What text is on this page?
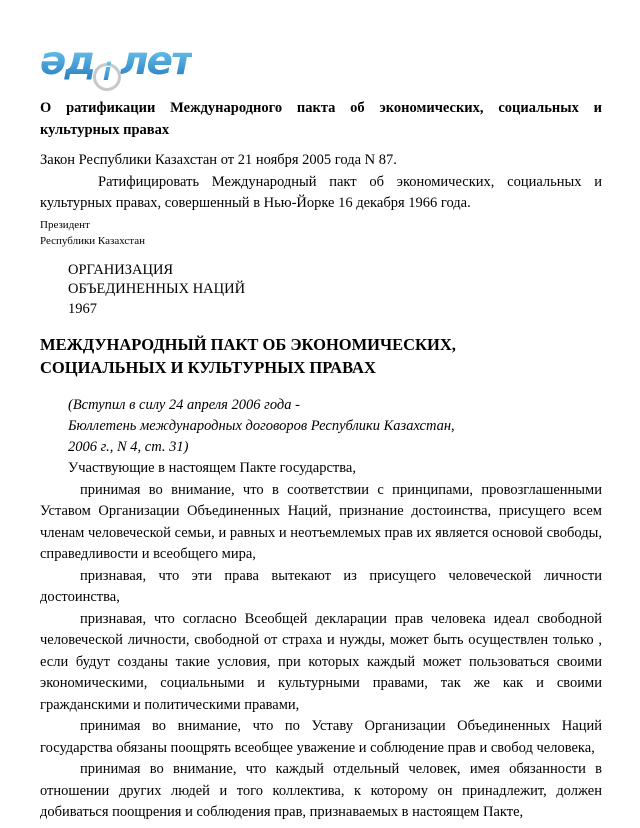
әд і лет
О ратификации Международного пакта об экономических, социальных и культурных правах

Закон Республики Казахстан от 21 ноября 2005 года N 87.

Ратифицировать Международный пакт об экономических, социальных и культурных правах, совершенный в Нью-Йорке 16 декабря 1966 года.

Президент

Республики Казахстан

ОРГАНИЗАЦИЯ
ОБЪЕДИНЕННЫХ НАЦИЙ
1967
МЕЖДУНАРОДНЫЙ ПАКТ ОБ ЭКОНОМИЧЕСКИХ,
СОЦИАЛЬНЫХ И КУЛЬТУРНЫХ ПРАВАХ
(Вступил в силу 24 апреля 2006 года -
Бюллетень международных договоров Республики Казахстан,
2006 г., N 4, ст. 31)

Участвующие в настоящем Пакте государства,

принимая во внимание, что в соответствии с принципами, провозглашенными Уставом Организации Объединенных Наций, признание достоинства, присущего всем членам человеческой семьи, и равных и неотъемлемых прав их является основой свободы, справедливости и всеобщего мира,

признавая, что эти права вытекают из присущего человеческой личности достоинства,

признавая, что согласно Всеобщей декларации прав человека идеал свободной человеческой личности, свободной от страха и нужды, может быть осуществлен только , если будут созданы такие условия, при которых каждый может пользоваться своими экономическими, социальными и культурными правами, так же как и своими гражданскими и политическими правами,

принимая во внимание, что по Уставу Организации Объединенных Наций государства обязаны поощрять всеобщее уважение и соблюдение прав и свобод человека,

принимая во внимание, что каждый отдельный человек, имея обязанности в отношении других людей и того коллектива, к которому он принадлежит, должен добиваться поощрения и соблюдения прав, признаваемых в настоящем Пакте,
